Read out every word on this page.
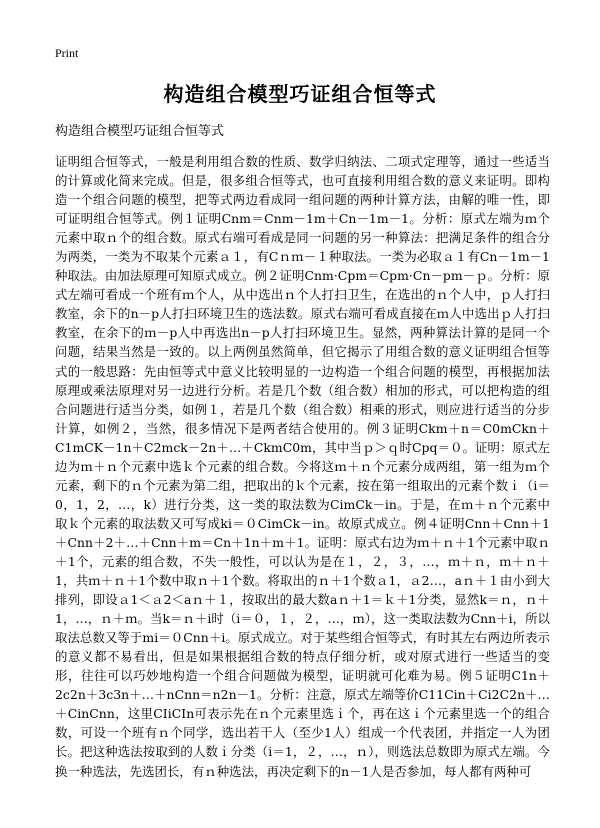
Print
构造组合模型巧证组合恒等式
构造组合模型巧证组合恒等式
证明组合恒等式，一般是利用组合数的性质、数学归纳法、二项式定理等，通过一些适当的计算或化简来完成。但是，很多组合恒等式，也可直接利用组合数的意义来证明。即构造一个组合问题的模型，把等式两边看成同一组问题的两种计算方法，由解的唯一性，即可证明组合恒等式。例１证明Cnm＝Cnm－1m＋Cn－1m－1。分析：原式左端为ｍ个元素中取ｎ个的组合数。原式右端可看成是同一问题的另一种算法：把满足条件的组合分为两类，一类为不取某个元素ａ１，有Cｎｍ－１种取法。一类为必取ａ１有Cn－1m－1种取法。由加法原理可知原式成立。例２证明Cnm·Cpm＝Cpm·Cn－pm－ｐ。分析：原式左端可看成一个班有ｍ个人，从中选出ｎ个人打扫卫生，在选出的ｎ个人中，ｐ人打扫教室，余下的n－p人打扫环境卫生的选法数。原式右端可看成直接在ｍ人中选出ｐ人打扫教室，在余下的ｍ－p人中再选出n－p人打扫环境卫生。显然，两种算法计算的是同一个问题，结果当然是一致的。以上两例虽然简单，但它揭示了用组合数的意义证明组合恒等式的一般思路：先由恒等式中意义比较明显的一边构造一个组合问题的模型，再根据加法原理或乘法原理对另一边进行分析。若是几个数（组合数）相加的形式，可以把构造的组合问题进行适当分类，如例１，若是几个数（组合数）相乘的形式，则应进行适当的分步计算，如例２，当然，很多情况下是两者结合使用的。例３证明Ckm＋n＝C0mCkn＋C1mCK－1n＋C2mck－2n＋…＋CkmC0m，其中当ｐ＞ｑ时Cpq＝０。证明：原式左边为ｍ＋ｎ个元素中选ｋ个元素的组合数。今将这ｍ＋ｎ个元素分成两组，第一组为ｍ个元素，剩下的ｎ个元素为第二组，把取出的ｋ个元素，按在第一组取出的元素个数ｉ（i＝0，1，2，…，k）进行分类，这一类的取法数为CimCk－in。于是，在ｍ＋ｎ个元素中取ｋ个元素的取法数又可写成ki＝０CimCk－in。故原式成立。例４证明Cnn＋Cnn＋1＋Cnn＋2＋…＋Cnn＋m＝Cn＋1n＋m＋1。证明：原式右边为ｍ＋ｎ＋1个元素中取ｎ＋1个，元素的组合数，不失一般性，可以认为是在１，２，３，…，ｍ＋ｎ，ｍ＋ｎ＋1，共ｍ＋ｎ＋1个数中取ｎ＋1个数。将取出的ｎ＋1个数ａ1，ａ2…，aｎ＋１由小到大排列，即设ａ1＜ａ2＜aｎ＋１，按取出的最大数aｎ＋1＝ｋ＋1分类，显然k＝ｎ，ｎ＋1，…，ｎ＋ｍ。当k＝ｎ＋i时（i＝０，１，２，…，ｍ），这一类取法数为Cnn＋i，所以取法总数又等于mi＝０Cnn＋i。原式成立。对于某些组合恒等式，有时其左右两边所表示的意义都不易看出，但是如果根据组合数的特点仔细分析，或对原式进行一些适当的变形，往往可以巧妙地构造一个组合问题做为模型，证明就可化难为易。例５证明C1n＋2c2n＋3c3n＋…＋nCnn＝n2n－1。分析：注意，原式左端等价C11Cin＋Ci2C2n＋…＋CinCnn，这里CIiCIn可表示先在ｎ个元素里选ｉ个，再在这ｉ个元素里选一个的组合数，可设一个班有ｎ个同学，选出若干人（至少1人）组成一个代表团，并指定一人为团长。把这种选法按取到的人数ｉ分类（i＝1，２，…，ｎ），则选法总数即为原式左端。今换一种选法，先选团长，有ｎ种选法，再决定剩下的n－1人是否参加，每人都有两种可
